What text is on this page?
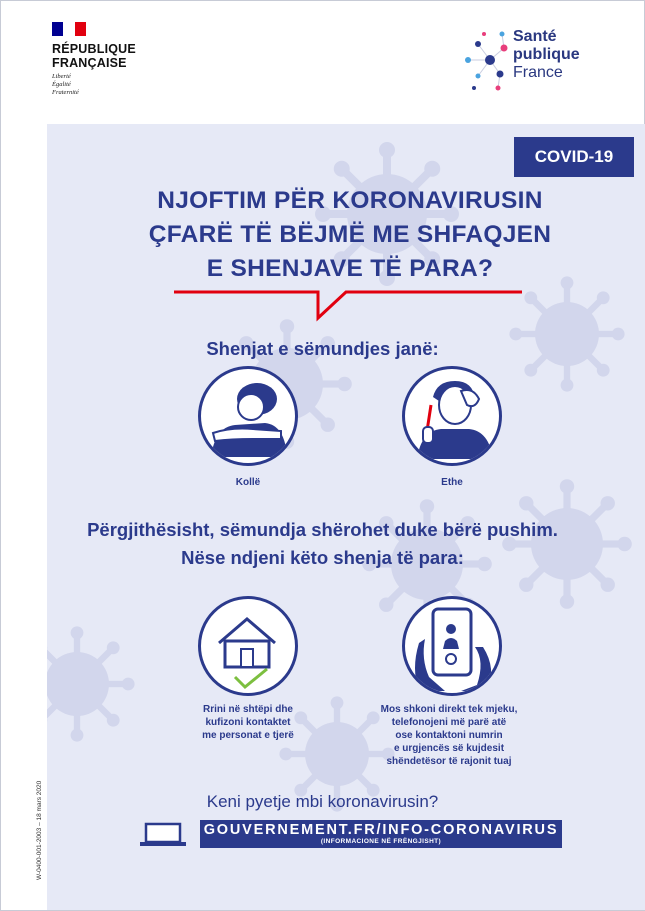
RÉPUBLIQUE
FRANÇAISE
Liberté
Égalité
Fraternité
Santé
publique
France
COVID-19
NJOFTIM PËR KORONAVIRUSIN
ÇFARË TË BËJMË ME SHFAQJEN
E SHENJAVE TË PARA?
Shenjat e sëmundjes janë:
Kollë	Ethe
Përgjithësisht, sëmundja shërohet duke bërë pushim.
Nëse ndjeni këto shenja të para:
Rrini në shtëpi dhe
kufizoni kontaktet
me personat e tjerë
Mos shkoni direkt tek mjeku,
telefonojeni më parë atë
ose kontaktoni numrin
e urgjencës së kujdesit
shëndetësor të rajonit tuaj
Keni pyetje mbi koronavirusin?
GOUVERNEMENT.FR/INFO-CORONAVIRUS
(INFORMACIONE NË FRËNGJISHT)
W-0400-001-2003 – 18 mars 2020
